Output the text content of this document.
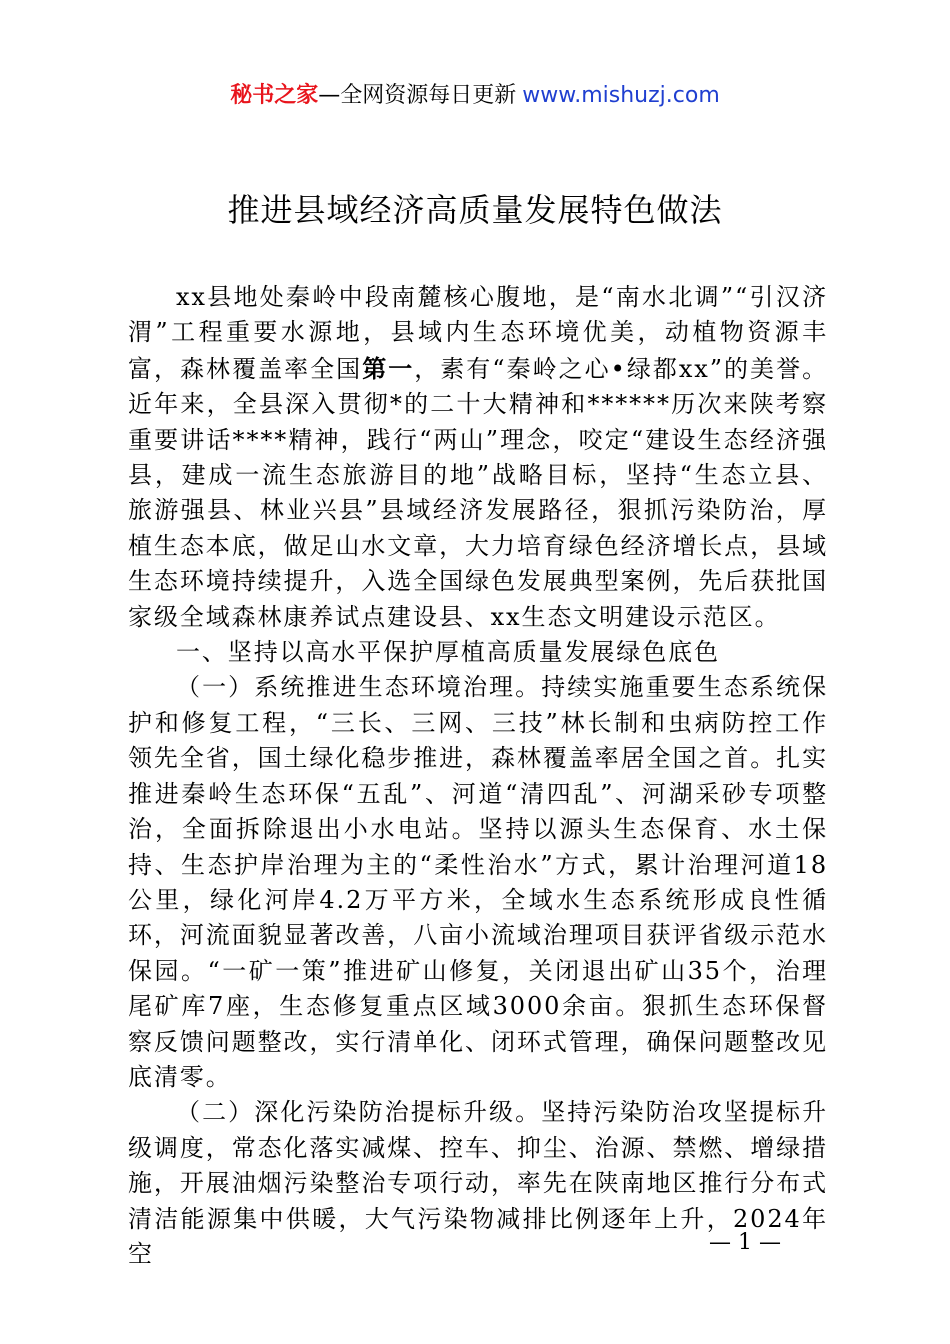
秘书之家—全网资源每日更新 www.mishuzj.com
推进县域经济高质量发展特色做法

xx县地处秦岭中段南麓核心腹地，是“南水北调”“引汉济渭”工程重要水源地，县域内生态环境优美，动植物资源丰富，森林覆盖率全国第一，素有“秦岭之心•绿都xx”的美誉。近年来，全县深入贯彻*的二十大精神和******历次来陕考察重要讲话****精神，践行“两山”理念，咬定“建设生态经济强县，建成一流生态旅游目的地”战略目标，坚持“生态立县、旅游强县、林业兴县”县域经济发展路径，狠抓污染防治，厚植生态本底，做足山水文章，大力培育绿色经济增长点，县域生态环境持续提升，入选全国绿色发展典型案例，先后获批国家级全域森林康养试点建设县、xx生态文明建设示范区。

一、坚持以高水平保护厚植高质量发展绿色底色

（一）系统推进生态环境治理。持续实施重要生态系统保护和修复工程，“三长、三网、三技”林长制和虫病防控工作领先全省，国土绿化稳步推进，森林覆盖率居全国之首。扎实推进秦岭生态环保“五乱”、河道“清四乱”、河湖采砂专项整治，全面拆除退出小水电站。坚持以源头生态保育、水土保持、生态护岸治理为主的“柔性治水”方式，累计治理河道18公里，绿化河岸4.2万平方米，全域水生态系统形成良性循环，河流面貌显著改善，八亩小流域治理项目获评省级示范水保园。“一矿一策”推进矿山修复，关闭退出矿山35个，治理尾矿库7座，生态修复重点区域3000余亩。狠抓生态环保督察反馈问题整改，实行清单化、闭环式管理，确保问题整改见底清零。

（二）深化污染防治提标升级。坚持污染防治攻坚提标升级调度，常态化落实减煤、控车、抑尘、治源、禁燃、增绿措施，开展油烟污染整治专项行动，率先在陕南地区推行分布式清洁能源集中供暖，大气污染物减排比例逐年上升，2024年空	— 1 —
